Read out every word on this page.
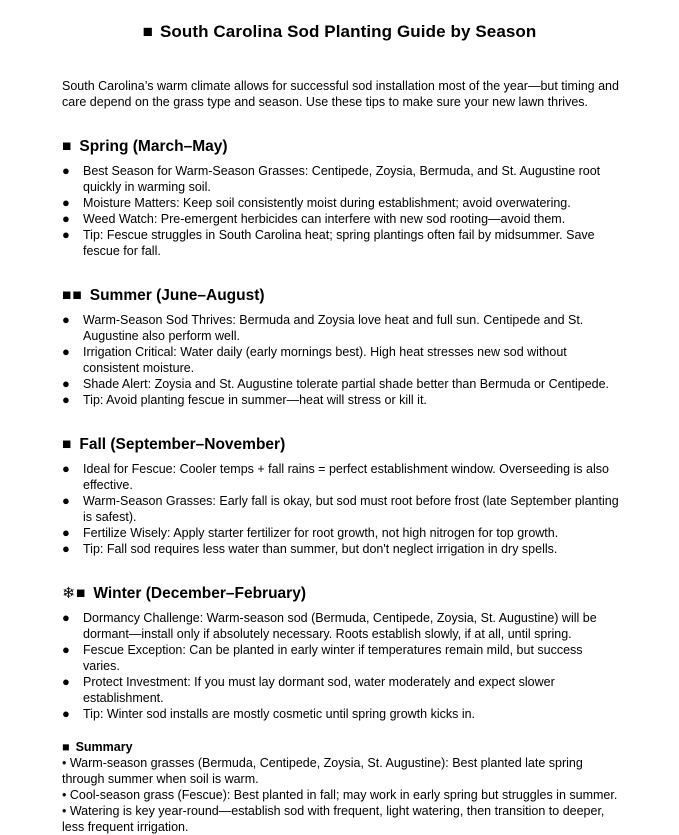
■ South Carolina Sod Planting Guide by Season

South Carolina’s warm climate allows for successful sod installation most of the year—but timing and care depend on the grass type and season. Use these tips to make sure your new lawn thrives.

■ Spring (March–May)
●	Best Season for Warm-Season Grasses: Centipede, Zoysia, Bermuda, and St. Augustine root quickly in warming soil.
●	Moisture Matters: Keep soil consistently moist during establishment; avoid overwatering.
●	Weed Watch: Pre-emergent herbicides can interfere with new sod rooting—avoid them.
●	Tip: Fescue struggles in South Carolina heat; spring plantings often fail by midsummer. Save fescue for fall.
■■ Summer (June–August)
●	Warm-Season Sod Thrives: Bermuda and Zoysia love heat and full sun. Centipede and St. Augustine also perform well.
●	Irrigation Critical: Water daily (early mornings best). High heat stresses new sod without consistent moisture.
●	Shade Alert: Zoysia and St. Augustine tolerate partial shade better than Bermuda or Centipede.
●	Tip: Avoid planting fescue in summer—heat will stress or kill it.
■ Fall (September–November)
●	Ideal for Fescue: Cooler temps + fall rains = perfect establishment window. Overseeding is also effective.
●	Warm-Season Grasses: Early fall is okay, but sod must root before frost (late September planting is safest).
●	Fertilize Wisely: Apply starter fertilizer for root growth, not high nitrogen for top growth.
●	Tip: Fall sod requires less water than summer, but don't neglect irrigation in dry spells.
❄■ Winter (December–February)
●	Dormancy Challenge: Warm-season sod (Bermuda, Centipede, Zoysia, St. Augustine) will be dormant—install only if absolutely necessary. Roots establish slowly, if at all, until spring.
●	Fescue Exception: Can be planted in early winter if temperatures remain mild, but success varies.
●	Protect Investment: If you must lay dormant sod, water moderately and expect slower establishment.
●	Tip: Winter sod installs are mostly cosmetic until spring growth kicks in.
■ Summary

• Warm-season grasses (Bermuda, Centipede, Zoysia, St. Augustine): Best planted late spring through summer when soil is warm.

• Cool-season grass (Fescue): Best planted in fall; may work in early spring but struggles in summer.

• Watering is key year-round—establish sod with frequent, light watering, then transition to deeper, less frequent irrigation.
